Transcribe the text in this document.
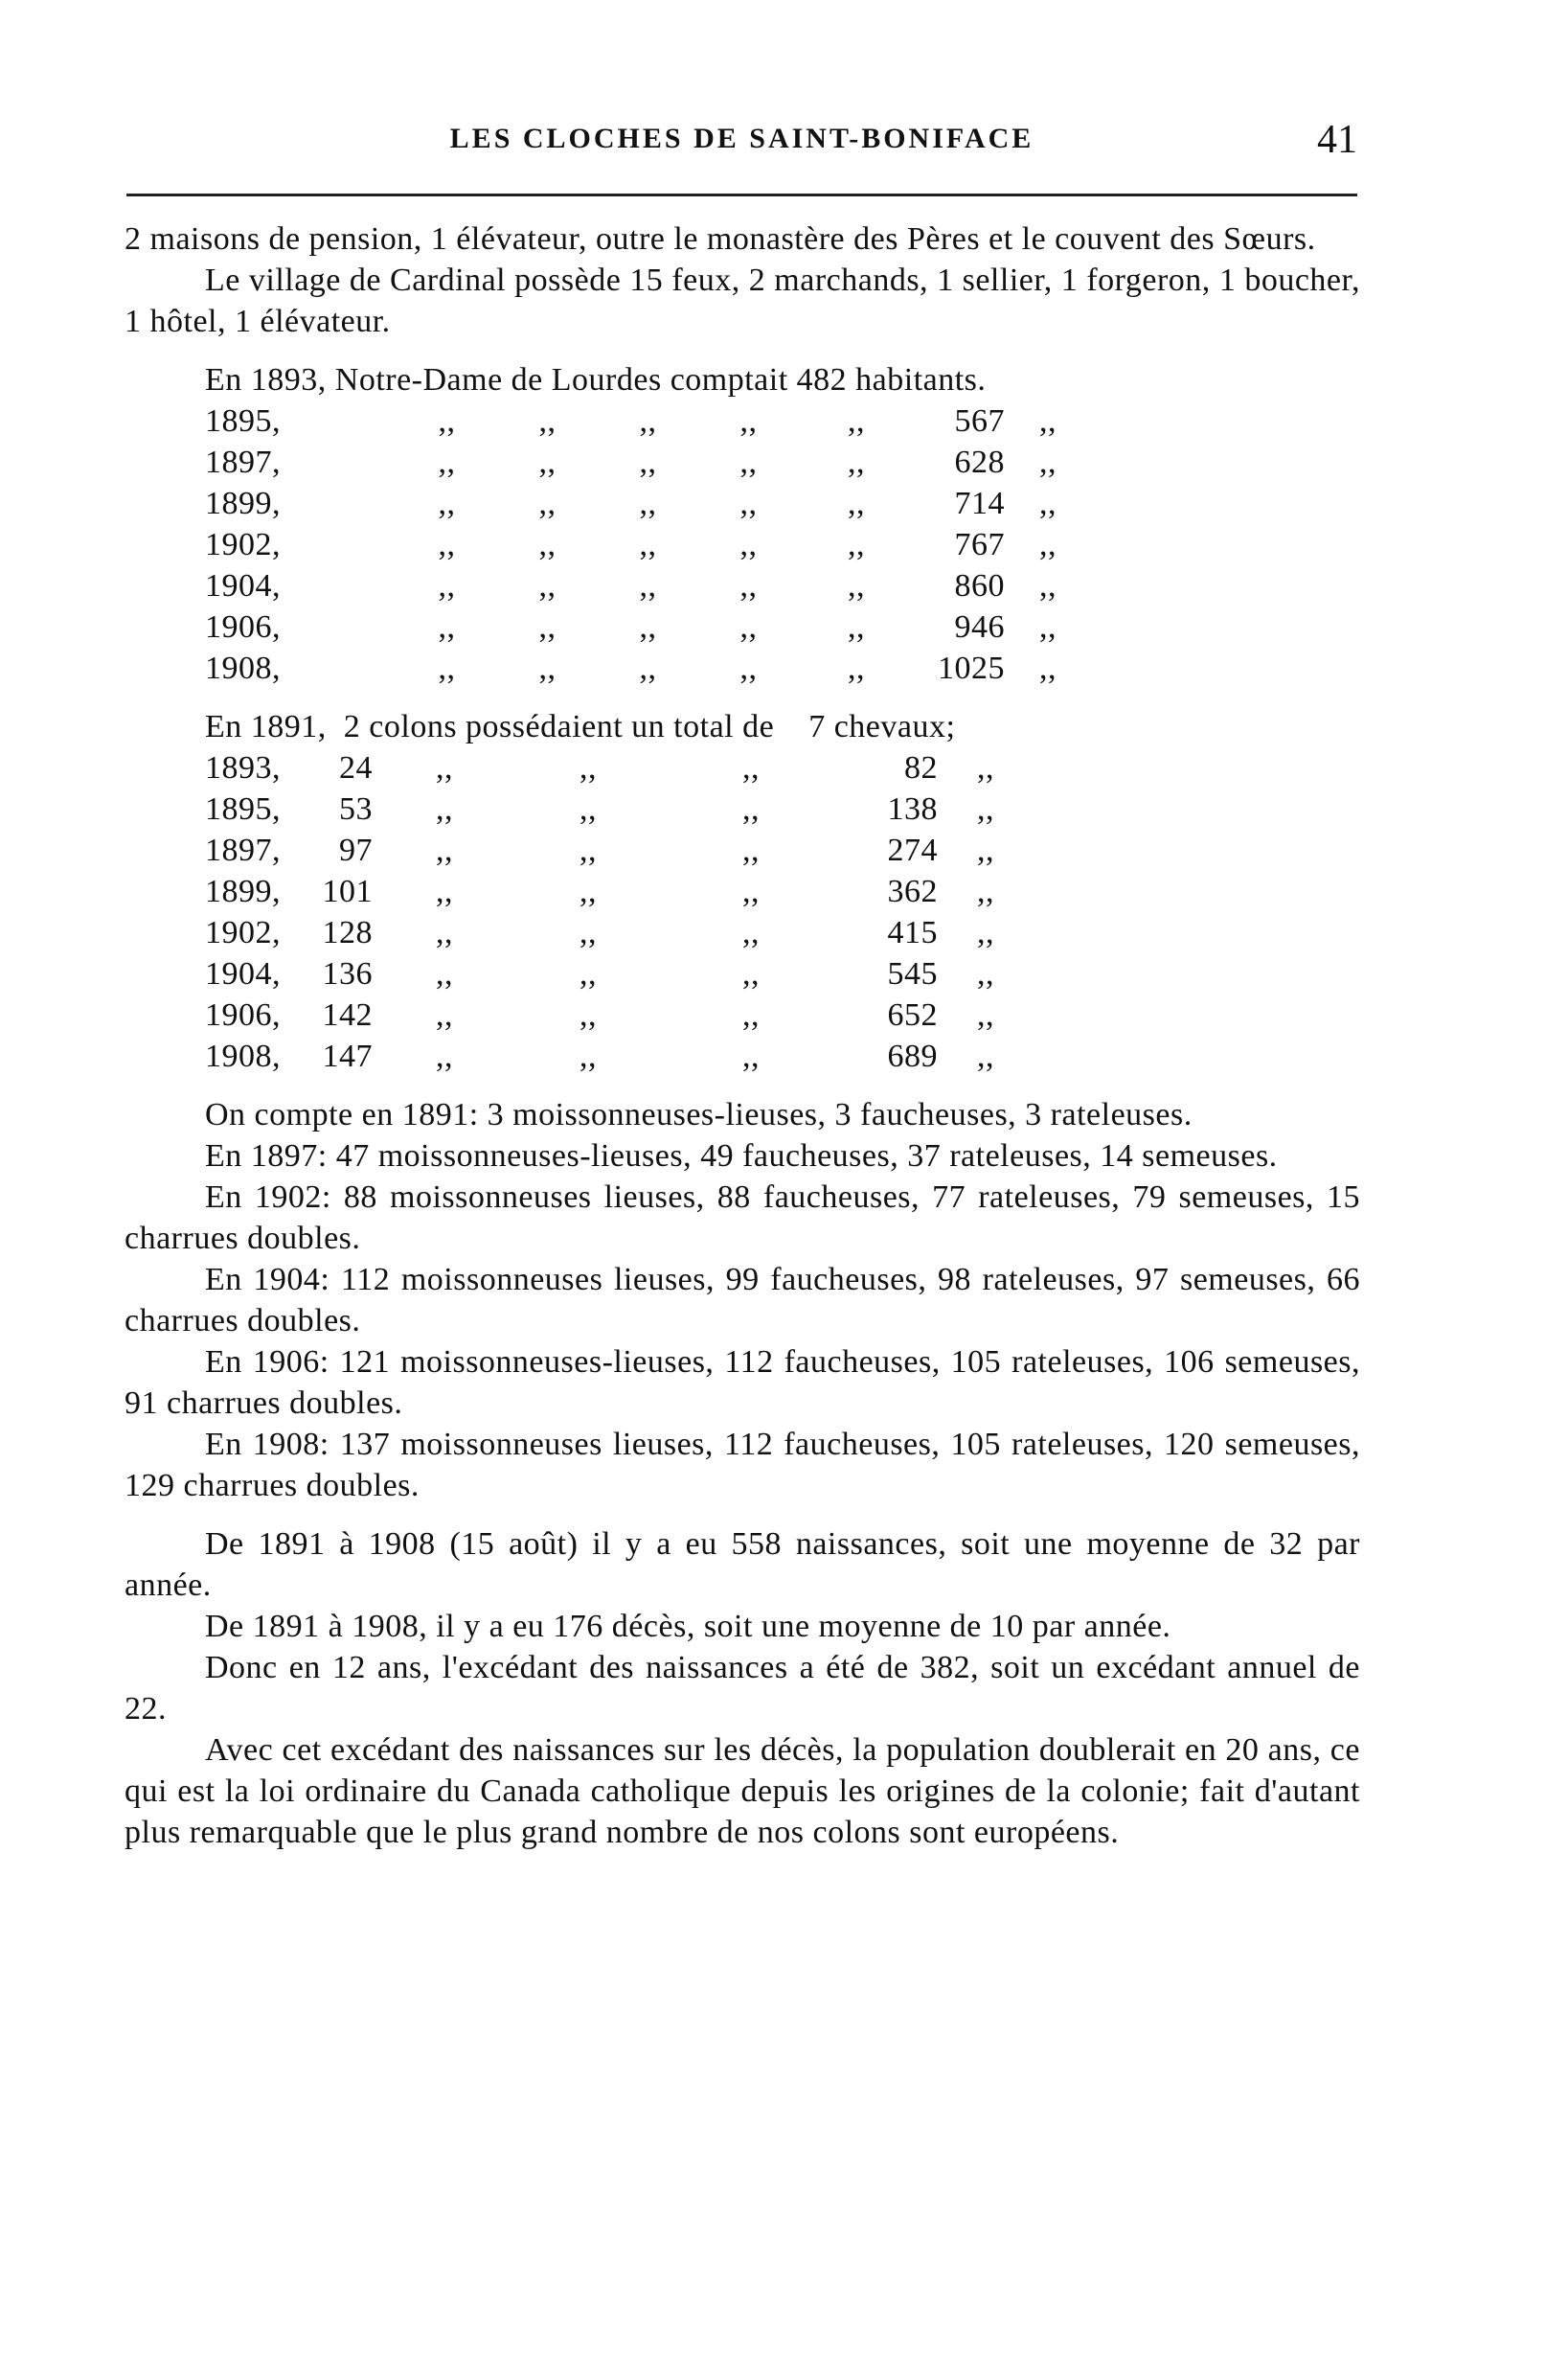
LES CLOCHES DE SAINT-BONIFACE	41

2 maisons de pension, 1 élévateur, outre le monastère des Pères et le couvent des Sœurs.

Le village de Cardinal possède 15 feux, 2 marchands, 1 sellier, 1 forgeron, 1 boucher, 1 hôtel, 1 élévateur.

En 1893, Notre-Dame de Lourdes comptait 482 habitants.
1895,	,,	,,	,,	,,	,,	567	,,
1897,	,,	,,	,,	,,	,,	628	,,
1899,	,,	,,	,,	,,	,,	714	,,
1902,	,,	,,	,,	,,	,,	767	,,
1904,	,,	,,	,,	,,	,,	860	,,
1906,	,,	,,	,,	,,	,,	946	,,
1908,	,,	,,	,,	,,	,,	1025	,,
En 1891, 2 colons possédaient un total de 7 chevaux;
1893,	24	,,	,,	,,	82	,,
1895,	53	,,	,,	,,	138	,,
1897,	97	,,	,,	,,	274	,,
1899,	101	,,	,,	,,	362	,,
1902,	128	,,	,,	,,	415	,,
1904,	136	,,	,,	,,	545	,,
1906,	142	,,	,,	,,	652	,,
1908,	147	,,	,,	,,	689	,,

On compte en 1891: 3 moissonneuses-lieuses, 3 faucheuses, 3 rateleuses.

En 1897: 47 moissonneuses-lieuses, 49 faucheuses, 37 rateleuses, 14 semeuses.

En 1902: 88 moissonneuses lieuses, 88 faucheuses, 77 rateleuses, 79 semeuses, 15 charrues doubles.

En 1904: 112 moissonneuses lieuses, 99 faucheuses, 98 rateleuses, 97 semeuses, 66 charrues doubles.

En 1906: 121 moissonneuses-lieuses, 112 faucheuses, 105 rateleuses, 106 semeuses, 91 charrues doubles.

En 1908: 137 moissonneuses lieuses, 112 faucheuses, 105 rateleuses, 120 semeuses, 129 charrues doubles.

De 1891 à 1908 (15 août) il y a eu 558 naissances, soit une moyenne de 32 par année.

De 1891 à 1908, il y a eu 176 décès, soit une moyenne de 10 par année.

Donc en 12 ans, l'excédant des naissances a été de 382, soit un excédant annuel de 22.

Avec cet excédant des naissances sur les décès, la population doublerait en 20 ans, ce qui est la loi ordinaire du Canada catholique depuis les origines de la colonie; fait d'autant plus remarquable que le plus grand nombre de nos colons sont européens.
